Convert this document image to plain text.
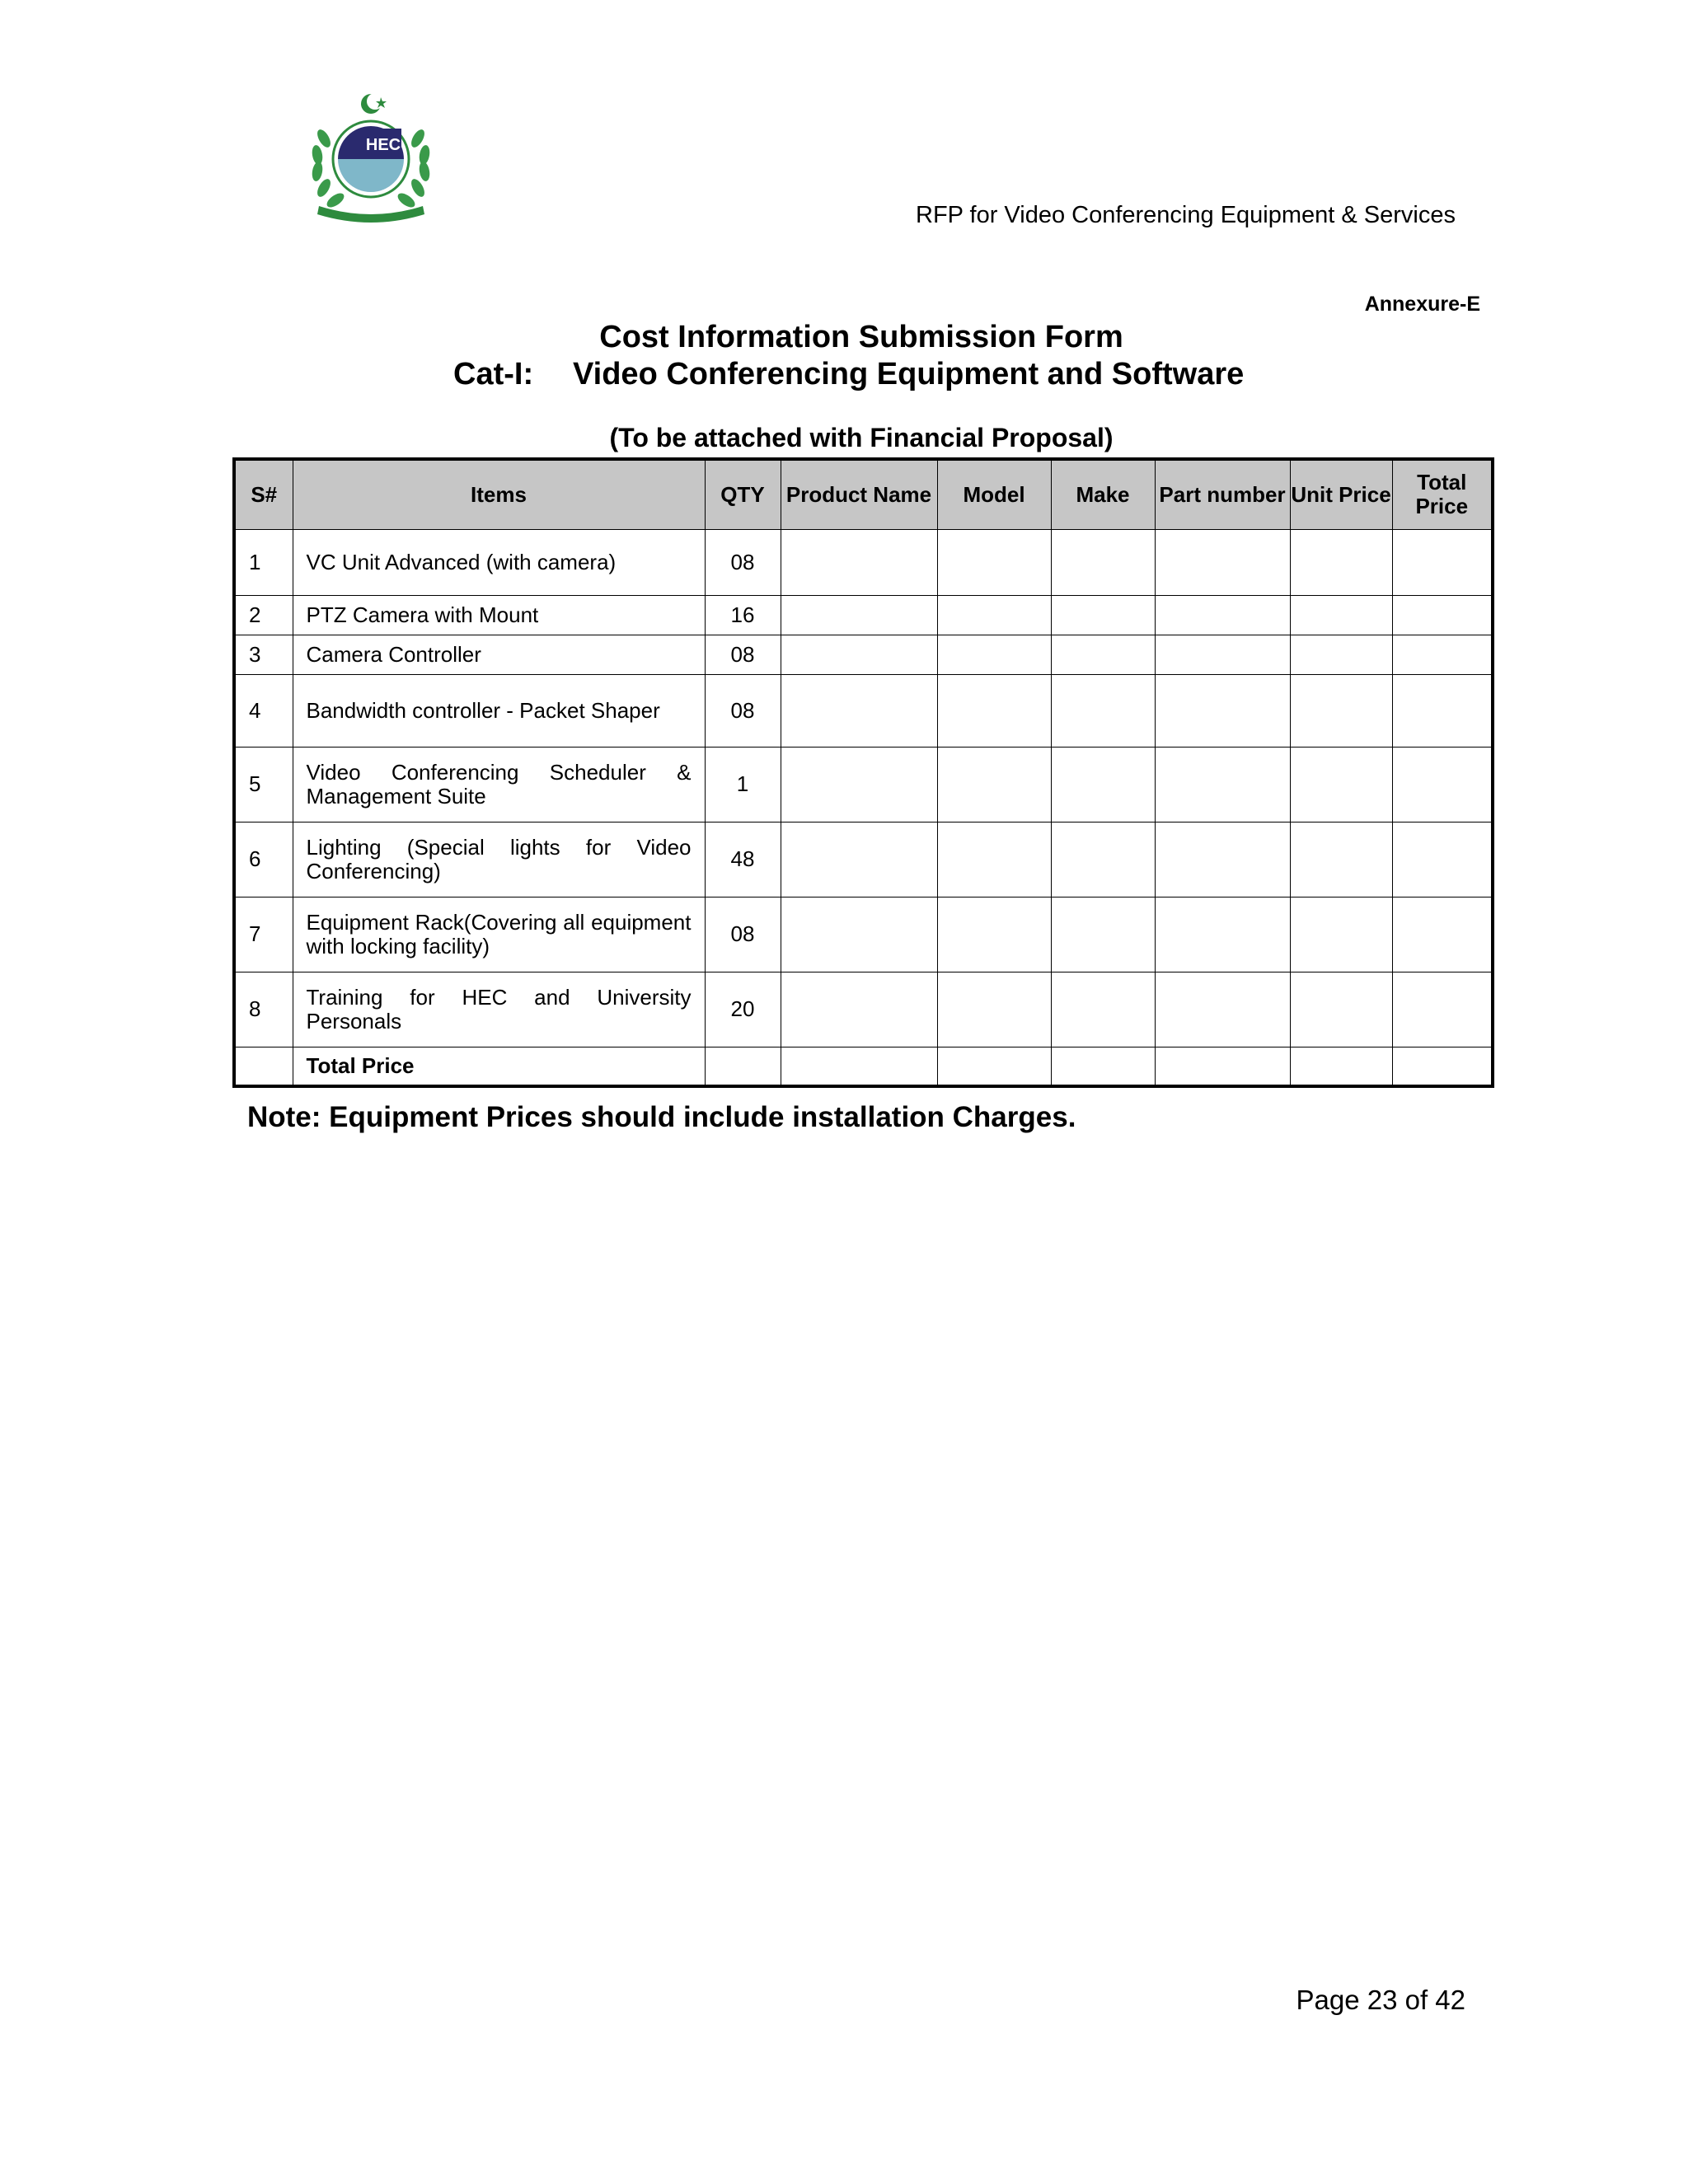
HEC
RFP for Video Conferencing Equipment & Services
Annexure-E
Cost Information Submission Form
Cat-I: Video Conferencing Equipment and Software
(To be attached with Financial Proposal)
S#	Items	QTY	Product Name	Model	Make	Part number	Unit Price	Total Price
1	VC Unit Advanced (with camera)	08						
2	PTZ Camera with Mount	16						
3	Camera Controller	08						
4	Bandwidth controller - Packet Shaper	08						
5	Video Conferencing Scheduler & Management Suite	1						
6	Lighting (Special lights for Video Conferencing)	48						
7	Equipment Rack(Covering all equipment with locking facility)	08						
8	Training for HEC and University Personals	20						
	Total Price							
Note: Equipment Prices should include installation Charges.
Page 23 of 42
